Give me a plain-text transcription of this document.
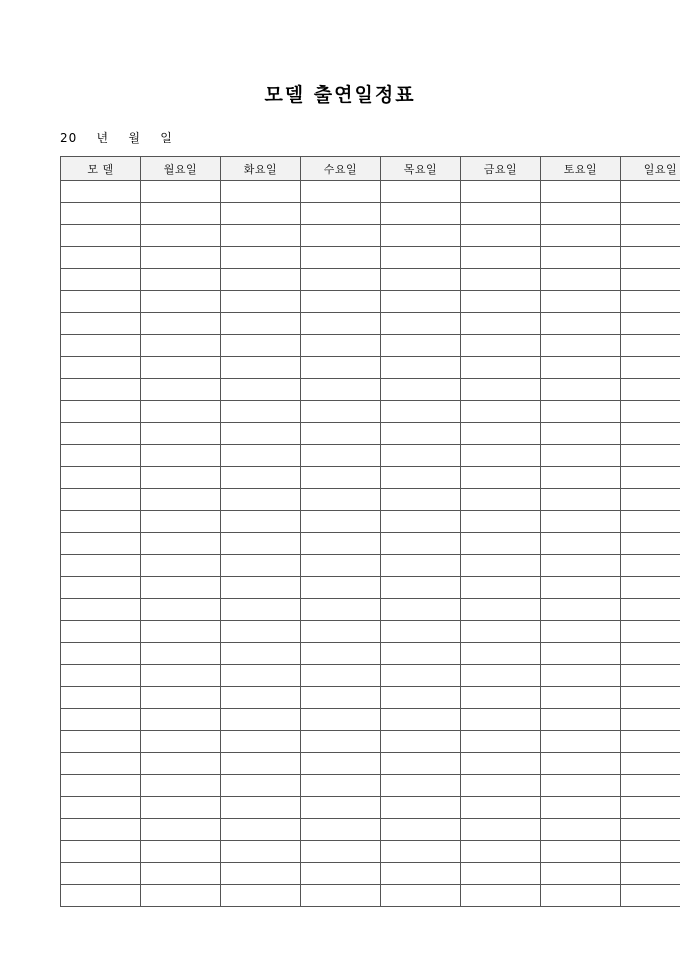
모델 출연일정표
20    년    월    일
모 델	월요일	화요일	수요일	목요일	금요일	토요일	일요일
